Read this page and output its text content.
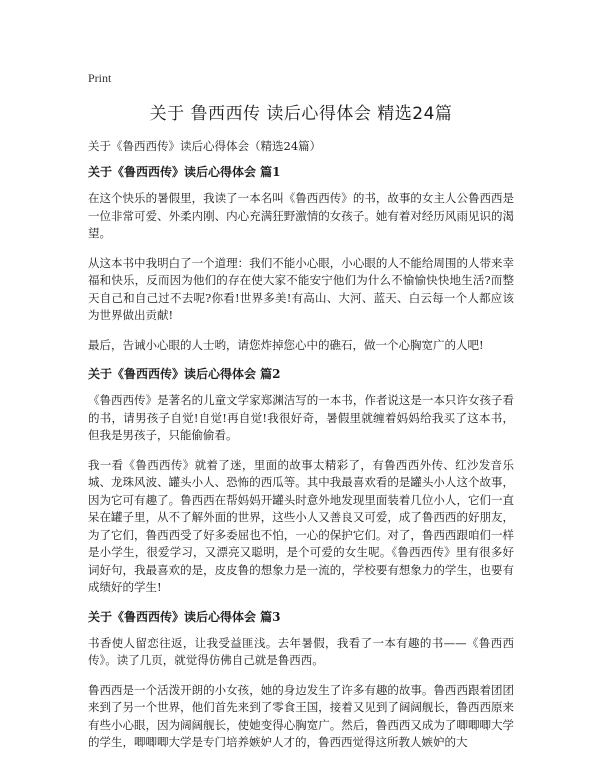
Print
关于 鲁西西传 读后心得体会 精选24篇
关于《鲁西西传》读后心得体会（精选24篇）
关于《鲁西西传》读后心得体会 篇1

在这个快乐的暑假里，我读了一本名叫《鲁西西传》的书，故事的女主人公鲁西西是一位非常可爱、外柔内刚、内心充满狂野激情的女孩子。她有着对经历风雨见识的渴望。

从这本书中我明白了一个道理：我们不能小心眼，小心眼的人不能给周围的人带来幸福和快乐，反而因为他们的存在使大家不能安宁他们为什么不愉愉快快地生活?而整天自己和自己过不去呢?你看!世界多美!有高山、大河、蓝天、白云每一个人都应该为世界做出贡献!

最后，告诫小心眼的人士哟，请您炸掉您心中的礁石，做一个心胸宽广的人吧!

关于《鲁西西传》读后心得体会 篇2

《鲁西西传》是著名的儿童文学家郑渊洁写的一本书，作者说这是一本只许女孩子看的书，请男孩子自觉!自觉!再自觉!我很好奇，暑假里就缠着妈妈给我买了这本书，但我是男孩子，只能偷偷看。

我一看《鲁西西传》就着了迷，里面的故事太精彩了，有鲁西西外传、红沙发音乐城、龙珠风波、罐头小人、恐怖的西瓜等。其中我最喜欢看的是罐头小人这个故事，因为它可有趣了。鲁西西在帮妈妈开罐头时意外地发现里面装着几位小人，它们一直呆在罐子里，从不了解外面的世界，这些小人又善良又可爱，成了鲁西西的好朋友，为了它们，鲁西西受了好多委屈也不怕，一心的保护它们。对了，鲁西西跟咱们一样是小学生，很爱学习，又漂亮又聪明，是个可爱的女生呢。《鲁西西传》里有很多好词好句，我最喜欢的是，皮皮鲁的想象力是一流的，学校要有想象力的学生，也要有成绩好的学生!

关于《鲁西西传》读后心得体会 篇3

书香使人留恋往返，让我受益匪浅。去年暑假，我看了一本有趣的书——《鲁西西传》。读了几页，就觉得仿佛自己就是鲁西西。

鲁西西是一个活泼开朗的小女孩，她的身边发生了许多有趣的故事。鲁西西跟着团团来到了另一个世界，他们首先来到了零食王国，接着又见到了阔阔舰长，鲁西西原来有些小心眼，因为阔阔舰长，使她变得心胸宽广。然后，鲁西西又成为了唧唧唧大学的学生，唧唧唧大学是专门培养嫉妒人才的，鲁西西觉得这所教人嫉妒的大
